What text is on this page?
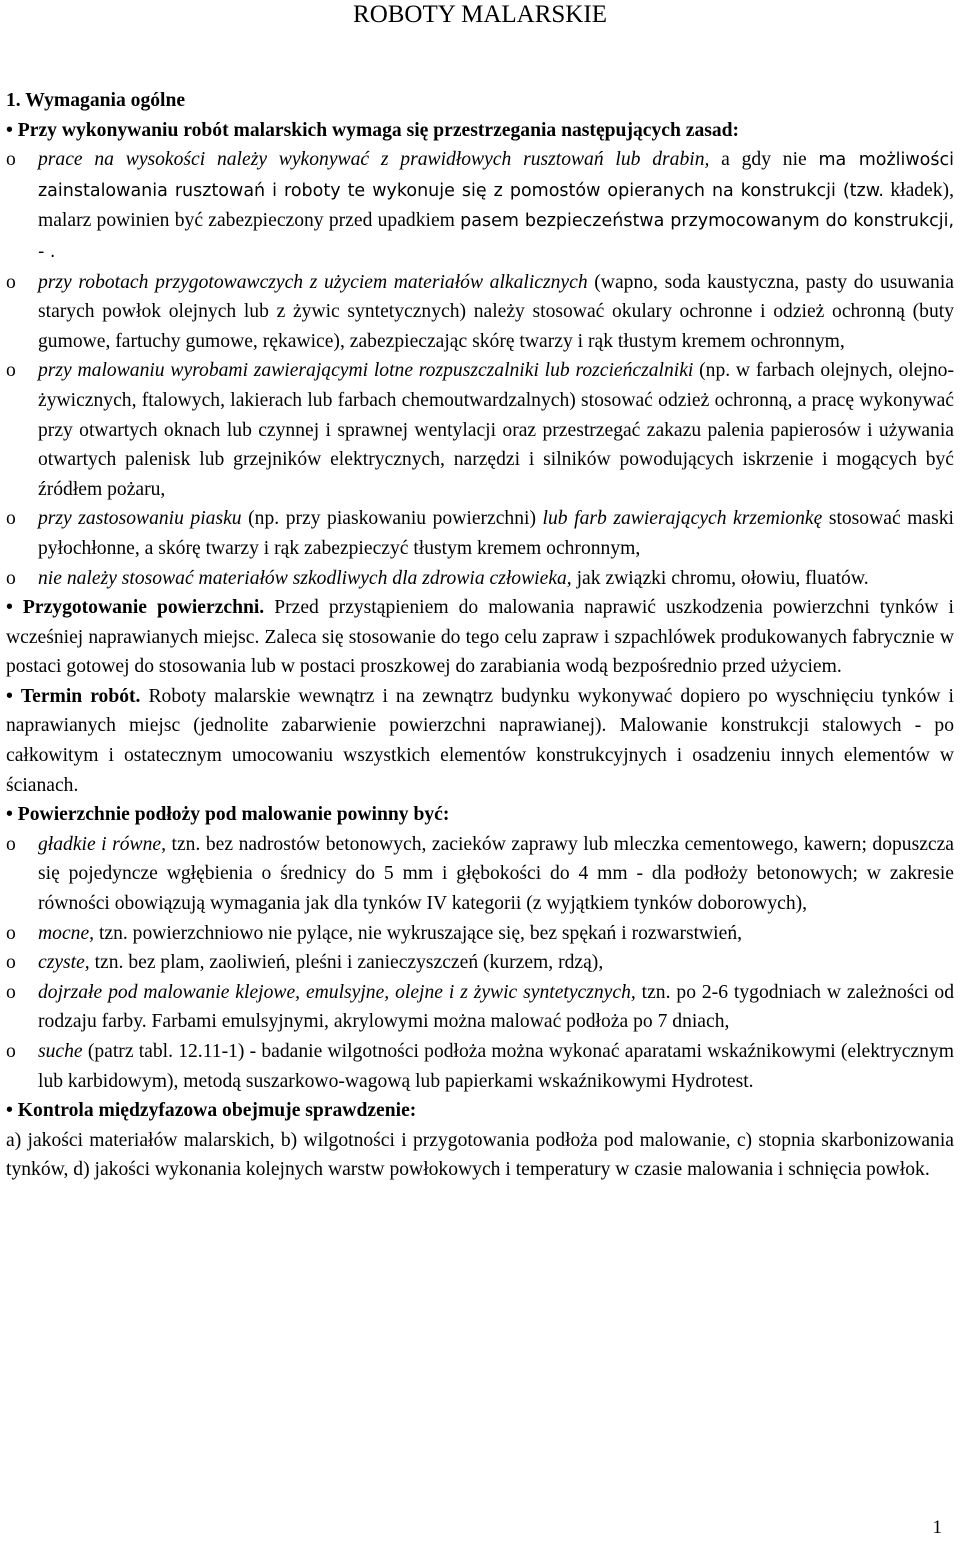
ROBOTY MALARSKIE

1. Wymagania ogólne

• Przy wykonywaniu robót malarskich wymaga się przestrzegania następujących zasad:

o prace na wysokości należy wykonywać z prawidłowych rusztowań lub drabin, a gdy nie ma możliwości zainstalowania rusztowań i roboty te wykonuje się z pomostów opieranych na konstrukcji (tzw. kładek), malarz powinien być zabezpieczony przed upadkiem pasem bezpieczeństwa przymocowanym do konstrukcji, - .
o przy robotach przygotowawczych z użyciem materiałów alkalicznych (wapno, soda kaustyczna, pasty do usuwania starych powłok olejnych lub z żywic syntetycznych) należy stosować okulary ochronne i odzież ochronną (buty gumowe, fartuchy gumowe, rękawice), zabezpieczając skórę twarzy i rąk tłustym kremem ochronnym,
o przy malowaniu wyrobami zawierającymi lotne rozpuszczalniki lub rozcieńczalniki (np. w farbach olejnych, olejno-żywicznych, ftalowych, lakierach lub farbach chemoutwardzalnych) stosować odzież ochronną, a pracę wykonywać przy otwartych oknach lub czynnej i sprawnej wentylacji oraz przestrzegać zakazu palenia papierosów i używania otwartych palenisk lub grzejników elektrycznych, narzędzi i silników powodujących iskrzenie i mogących być źródłem pożaru,
o przy zastosowaniu piasku (np. przy piaskowaniu powierzchni) lub farb zawierających krzemionkę stosować maski pyłochłonne, a skórę twarzy i rąk zabezpieczyć tłustym kremem ochronnym,
o nie należy stosować materiałów szkodliwych dla zdrowia człowieka, jak związki chromu, ołowiu, fluatów.

• Przygotowanie powierzchni. Przed przystąpieniem do malowania naprawić uszkodzenia powierzchni tynków i wcześniej naprawianych miejsc. Zaleca się stosowanie do tego celu zapraw i szpachlówek produkowanych fabrycznie w postaci gotowej do stosowania lub w postaci proszkowej do zarabiania wodą bezpośrednio przed użyciem.

• Termin robót. Roboty malarskie wewnątrz i na zewnątrz budynku wykonywać dopiero po wyschnięciu tynków i naprawianych miejsc (jednolite zabarwienie powierzchni naprawianej). Malowanie konstrukcji stalowych - po całkowitym i ostatecznym umocowaniu wszystkich elementów konstrukcyjnych i osadzeniu innych elementów w ścianach.

• Powierzchnie podłoży pod malowanie powinny być:

o gładkie i równe, tzn. bez nadrostów betonowych, zacieków zaprawy lub mleczka cementowego, kawern; dopuszcza się pojedyncze wgłębienia o średnicy do 5 mm i głębokości do 4 mm - dla podłoży betonowych; w zakresie równości obowiązują wymagania jak dla tynków IV kategorii (z wyjątkiem tynków doborowych),
o mocne, tzn. powierzchniowo nie pylące, nie wykruszające się, bez spękań i rozwarstwień,
o czyste, tzn. bez plam, zaoliwień, pleśni i zanieczyszczeń (kurzem, rdzą),
o dojrzałe pod malowanie klejowe, emulsyjne, olejne i z żywic syntetycznych, tzn. po 2-6 tygodniach w zależności od rodzaju farby. Farbami emulsyjnymi, akrylowymi można malować podłoża po 7 dniach,
o suche (patrz tabl. 12.11-1) - badanie wilgotności podłoża można wykonać aparatami wskaźnikowymi (elektrycznym lub karbidowym), metodą suszarkowo-wagową lub papierkami wskaźnikowymi Hydrotest.

• Kontrola międzyfazowa obejmuje sprawdzenie:

a) jakości materiałów malarskich, b) wilgotności i przygotowania podłoża pod malowanie, c) stopnia skarbonizowania tynków, d) jakości wykonania kolejnych warstw powłokowych i temperatury w czasie malowania i schnięcia powłok.

1
